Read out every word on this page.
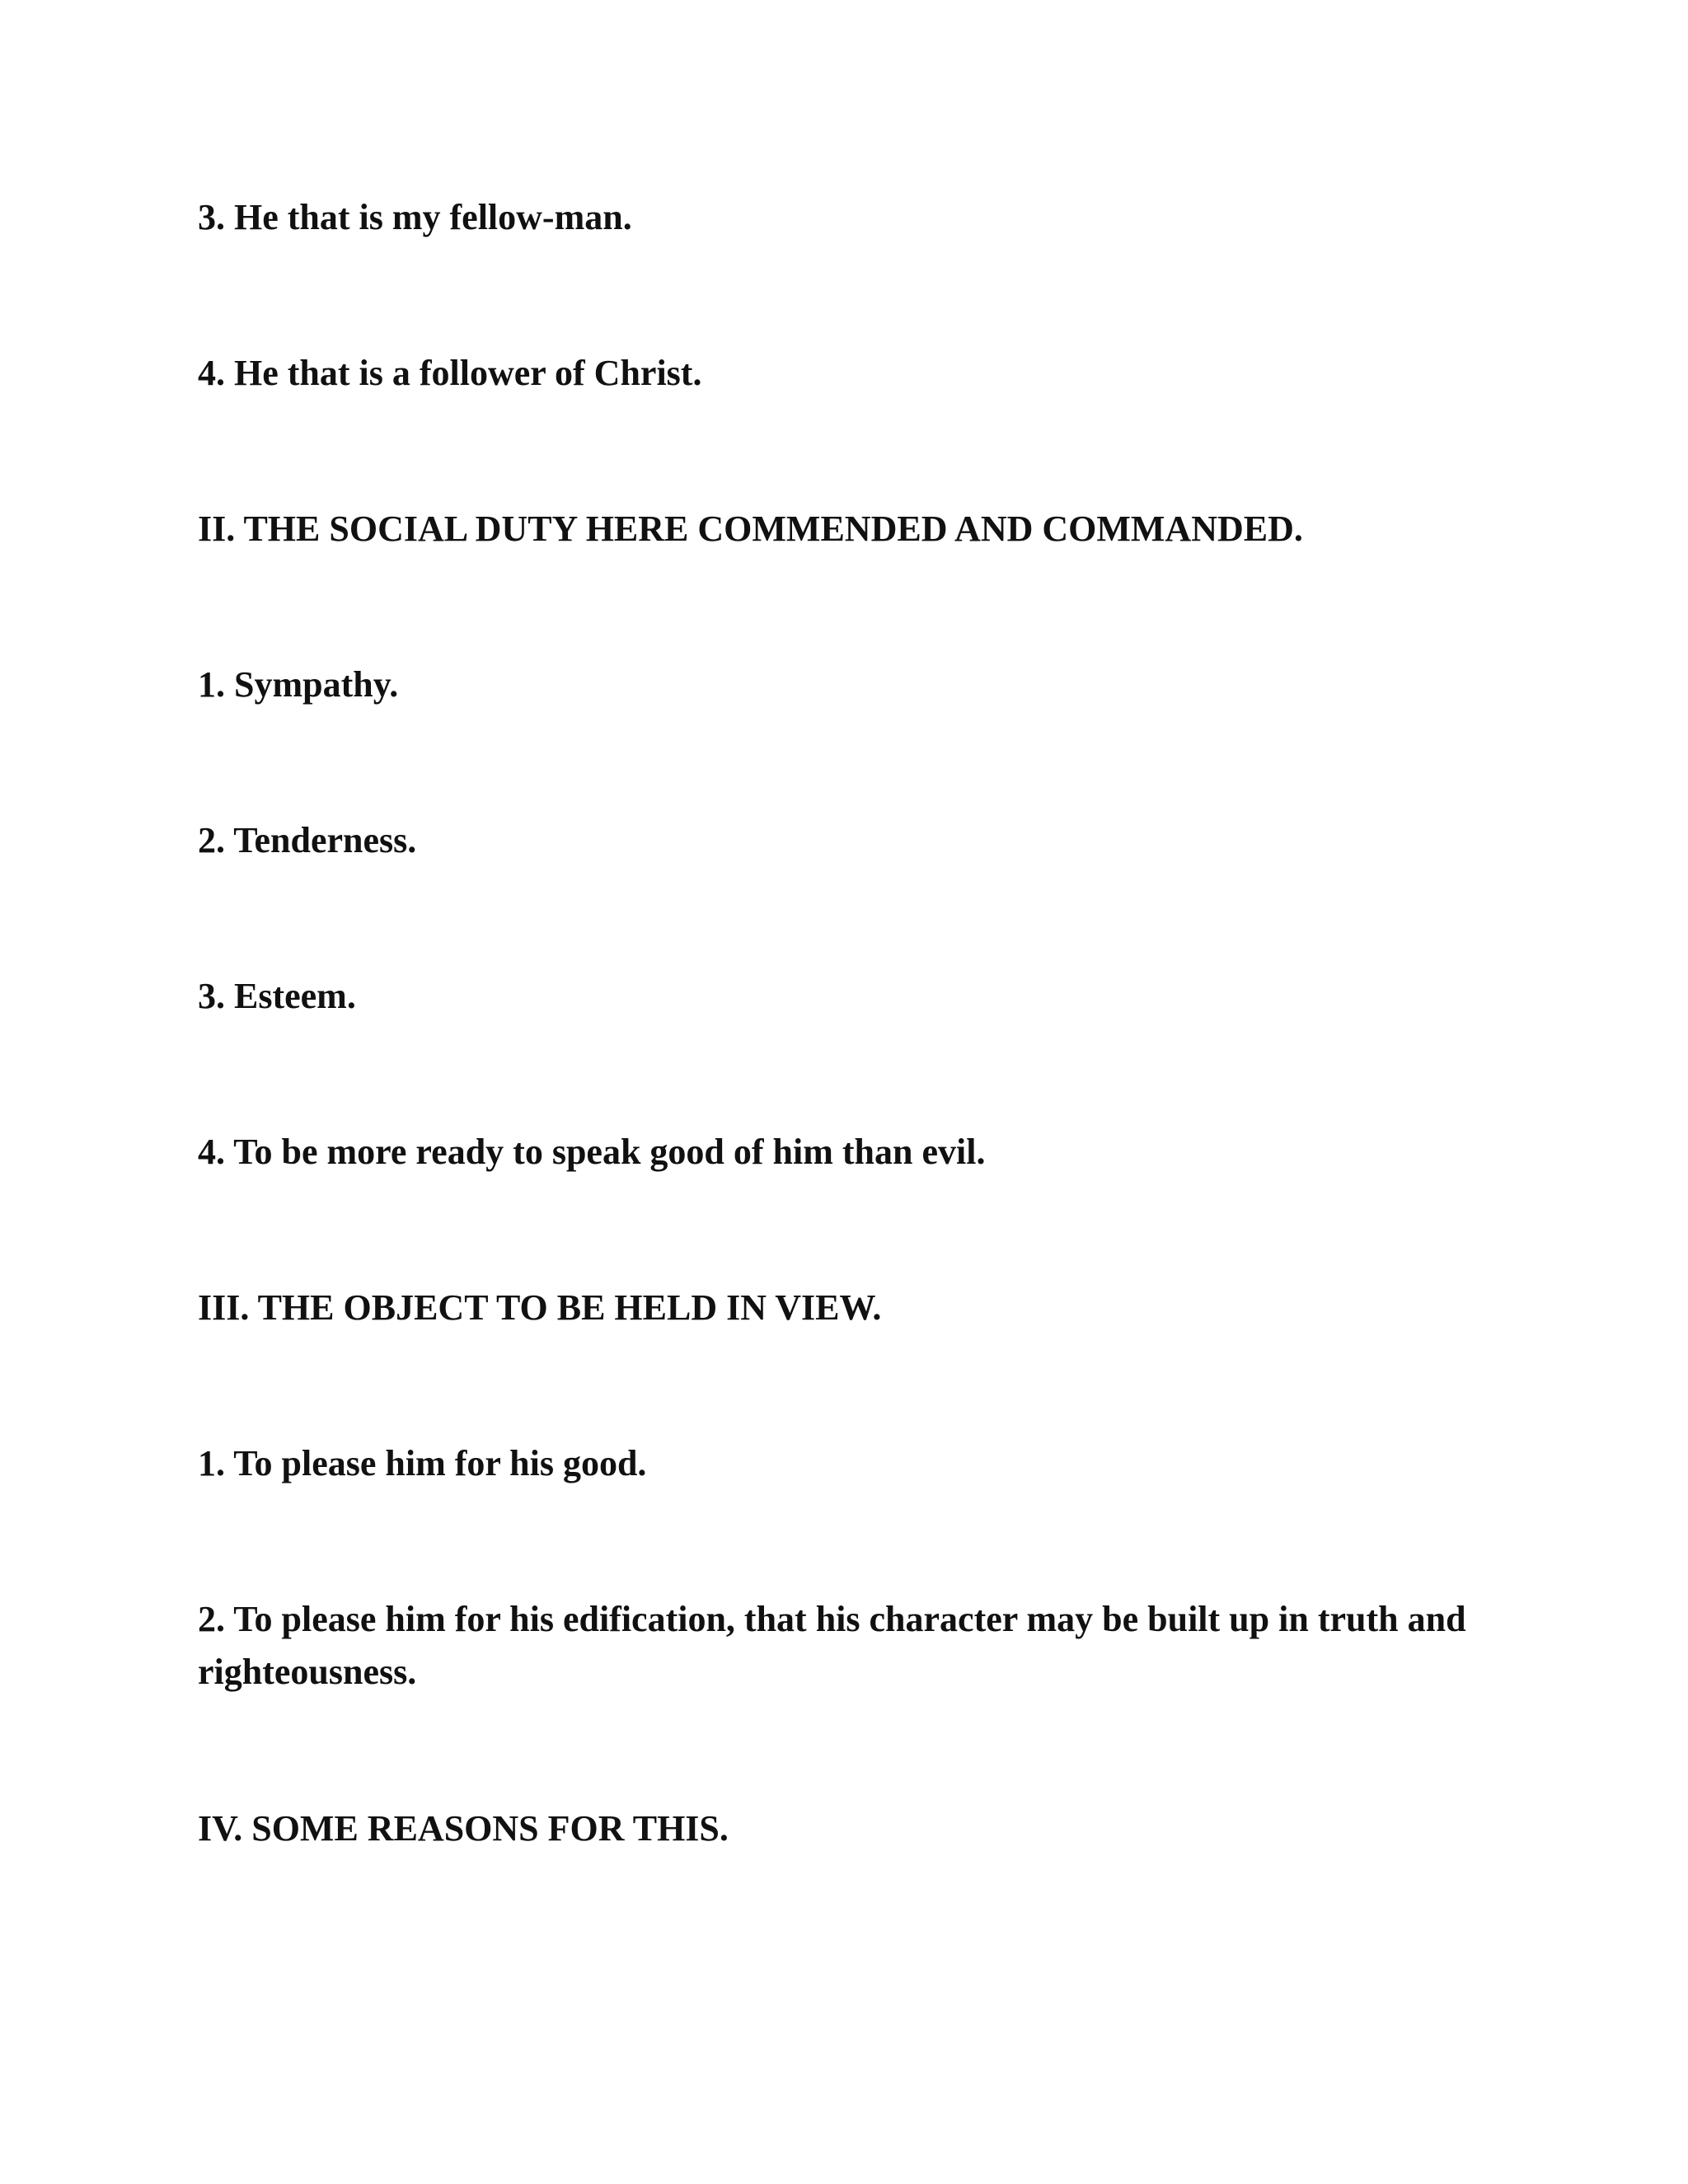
3. He that is my fellow-man.

4. He that is a follower of Christ.

II. THE SOCIAL DUTY HERE COMMENDED AND COMMANDED.

1. Sympathy.

2. Tenderness.

3. Esteem.

4. To be more ready to speak good of him than evil.

III. THE OBJECT TO BE HELD IN VIEW.

1. To please him for his good.

2. To please him for his edification, that his character may be built up in truth and righteousness.

IV. SOME REASONS FOR THIS.
